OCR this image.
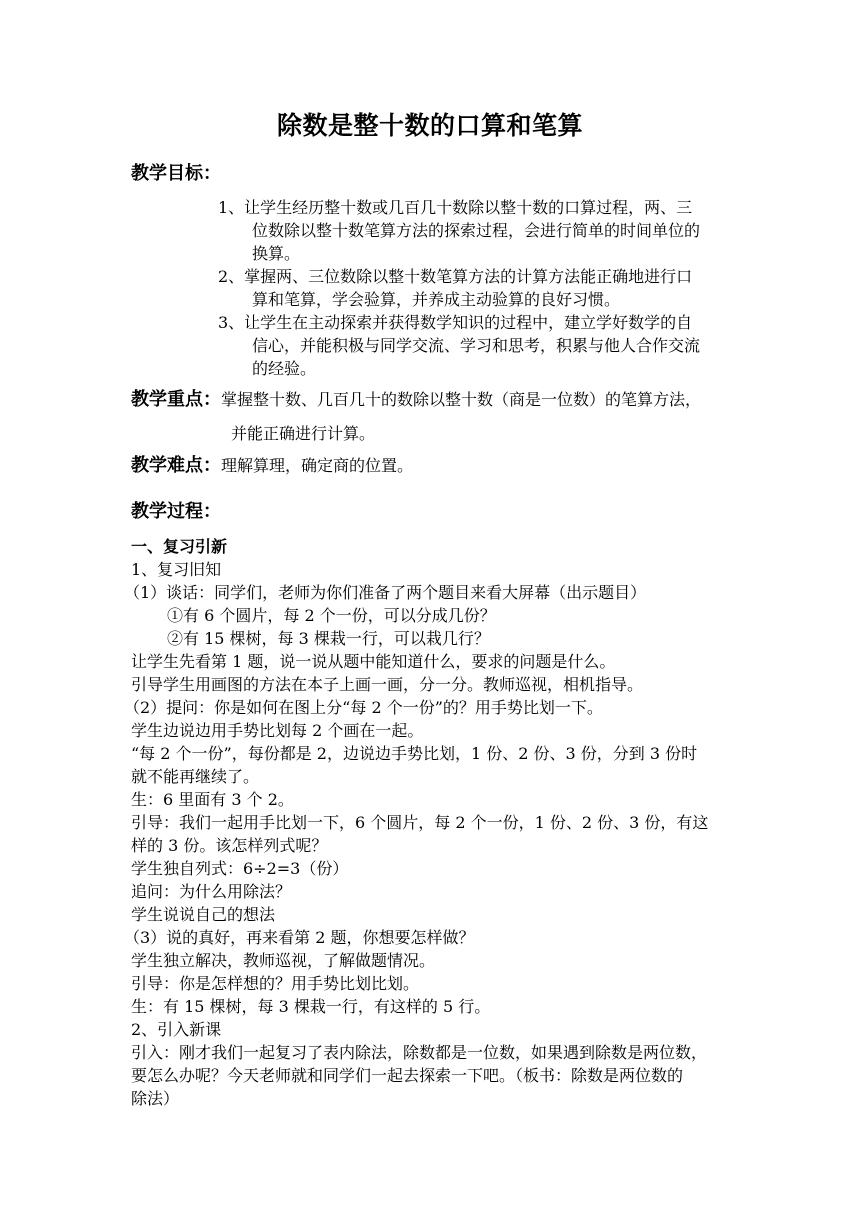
除数是整十数的口算和笔算
教学目标：
1、让学生经历整十数或几百几十数除以整十数的口算过程，两、三
位数除以整十数笔算方法的探索过程，会进行简单的时间单位的
换算。
2、掌握两、三位数除以整十数笔算方法的计算方法能正确地进行口
算和笔算，学会验算，并养成主动验算的良好习惯。
3、让学生在主动探索并获得数学知识的过程中，建立学好数学的自
信心，并能积极与同学交流、学习和思考，积累与他人合作交流
的经验。
教学重点：掌握整十数、几百几十的数除以整十数（商是一位数）的笔算方法，
并能正确进行计算。
教学难点：理解算理，确定商的位置。
教学过程：
一、复习引新
1、复习旧知
（1）谈话：同学们，老师为你们准备了两个题目来看大屏幕（出示题目）
①有 6 个圆片，每 2 个一份，可以分成几份？
②有 15 棵树，每 3 棵栽一行，可以栽几行？
让学生先看第 1 题，说一说从题中能知道什么，要求的问题是什么。
引导学生用画图的方法在本子上画一画，分一分。教师巡视，相机指导。
（2）提问：你是如何在图上分“每 2 个一份”的？用手势比划一下。
学生边说边用手势比划每 2 个画在一起。
“每 2 个一份”，每份都是 2，边说边手势比划，1 份、2 份、3 份，分到 3 份时
就不能再继续了。
生：6 里面有 3 个 2。
引导：我们一起用手比划一下，6 个圆片，每 2 个一份，1 份、2 份、3 份，有这
样的 3 份。该怎样列式呢？
学生独自列式：6÷2=3（份）
追问：为什么用除法？
学生说说自己的想法
（3）说的真好，再来看第 2 题，你想要怎样做？
学生独立解决，教师巡视，了解做题情况。
引导：你是怎样想的？用手势比划比划。
生：有 15 棵树，每 3 棵栽一行，有这样的 5 行。
2、引入新课
引入：刚才我们一起复习了表内除法，除数都是一位数，如果遇到除数是两位数，
要怎么办呢？今天老师就和同学们一起去探索一下吧。（板书：除数是两位数的
除法）
